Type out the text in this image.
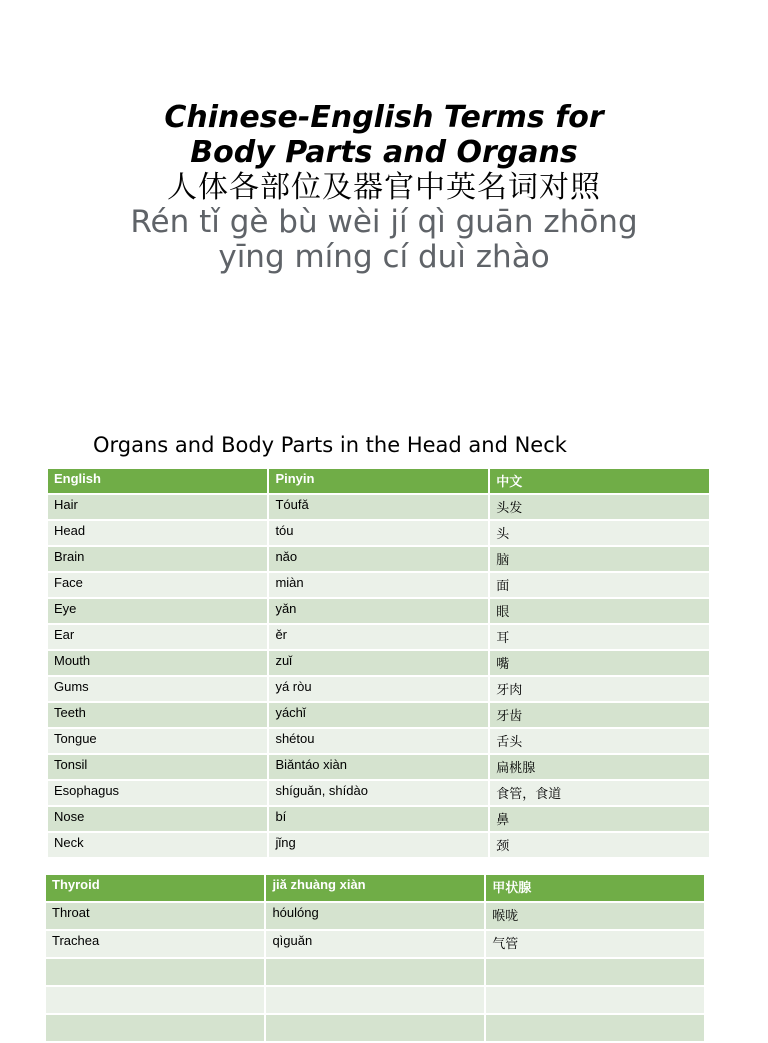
Chinese-English Terms for
Body Parts and Organs
人体各部位及器官中英名词对照
Rén tǐ gè bù wèi jí qì guān zhōng
yīng míng cí duì zhào
Organs and Body Parts in the Head and Neck
English	Pinyin	中文
Hair	Tóufǎ	头发
Head	tóu	头
Brain	nǎo	脑
Face	miàn	面
Eye	yǎn	眼
Ear	ěr	耳
Mouth	zuǐ	嘴
Gums	yá ròu	牙肉
Teeth	yáchǐ	牙齿
Tongue	shétou	舌头
Tonsil	Biǎntáo xiàn	扁桃腺
Esophagus	shíguǎn, shídào	食管，食道
Nose	bí	鼻
Neck	jǐng	颈
Thyroid	jiǎ zhuàng xiàn	甲状腺
Throat	hóulóng	喉咙
Trachea	qìguǎn	气管
